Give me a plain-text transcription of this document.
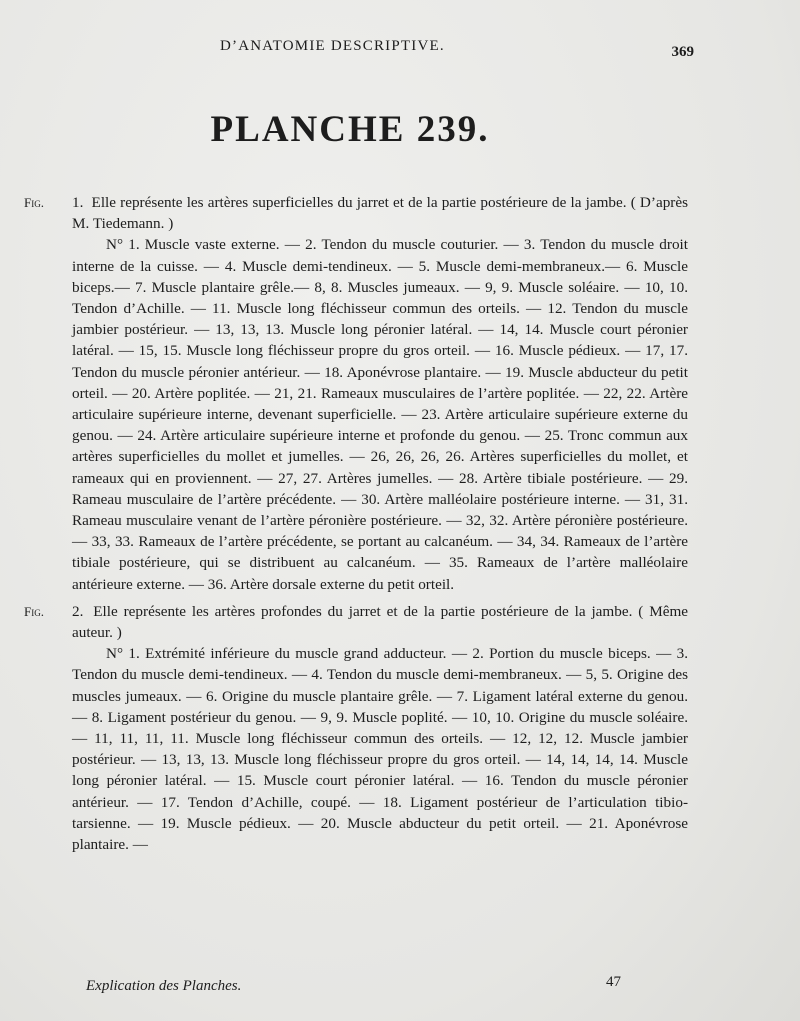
D’ANATOMIE DESCRIPTIVE.	369
PLANCHE 239.

Fig. 1. Elle représente les artères superficielles du jarret et de la partie postérieure de la jambe. ( D’après M. Tiedemann. )

N° 1. Muscle vaste externe. — 2. Tendon du muscle couturier. — 3. Tendon du muscle droit interne de la cuisse. — 4. Muscle demi-tendineux. — 5. Muscle demi-membraneux.— 6. Muscle biceps.— 7. Muscle plantaire grêle.— 8, 8. Muscles jumeaux. — 9, 9. Muscle soléaire. — 10, 10. Tendon d’Achille. — 11. Muscle long fléchisseur commun des orteils. — 12. Tendon du muscle jambier postérieur. — 13, 13, 13. Muscle long péronier latéral. — 14, 14. Muscle court péronier latéral. — 15, 15. Muscle long fléchisseur propre du gros orteil. — 16. Muscle pédieux. — 17, 17. Tendon du muscle péronier antérieur. — 18. Aponévrose plantaire. — 19. Muscle abducteur du petit orteil. — 20. Artère poplitée. — 21, 21. Rameaux musculaires de l’artère poplitée. — 22, 22. Artère articulaire supérieure interne, devenant superficielle. — 23. Artère articulaire supérieure externe du genou. — 24. Artère articulaire supérieure interne et profonde du genou. — 25. Tronc commun aux artères superficielles du mollet et jumelles. — 26, 26, 26, 26. Artères superficielles du mollet, et rameaux qui en proviennent. — 27, 27. Artères jumelles. — 28. Artère tibiale postérieure. — 29. Rameau musculaire de l’artère précédente. — 30. Artère malléolaire postérieure interne. — 31, 31. Rameau musculaire venant de l’artère péronière postérieure. — 32, 32. Artère péronière postérieure. — 33, 33. Rameaux de l’artère précédente, se portant au calcanéum. — 34, 34. Rameaux de l’artère tibiale postérieure, qui se distribuent au calcanéum. — 35. Rameaux de l’artère malléolaire antérieure externe. — 36. Artère dorsale externe du petit orteil.

Fig. 2. Elle représente les artères profondes du jarret et de la partie postérieure de la jambe. ( Même auteur. )

N° 1. Extrémité inférieure du muscle grand adducteur. — 2. Portion du muscle biceps. — 3. Tendon du muscle demi-tendineux. — 4. Tendon du muscle demi-membraneux. — 5, 5. Origine des muscles jumeaux. — 6. Origine du muscle plantaire grêle. — 7. Ligament latéral externe du genou. — 8. Ligament postérieur du genou. — 9, 9. Muscle poplité. — 10, 10. Origine du muscle soléaire. — 11, 11, 11, 11. Muscle long fléchisseur commun des orteils. — 12, 12, 12. Muscle jambier postérieur. — 13, 13, 13. Muscle long fléchisseur propre du gros orteil. — 14, 14, 14, 14. Muscle long péronier latéral. — 15. Muscle court péronier latéral. — 16. Tendon du muscle péronier antérieur. — 17. Tendon d’Achille, coupé. — 18. Ligament postérieur de l’articulation tibio-tarsienne. — 19. Muscle pédieux. — 20. Muscle abducteur du petit orteil. — 21. Aponévrose plantaire. —

Explication des Planches.	47
